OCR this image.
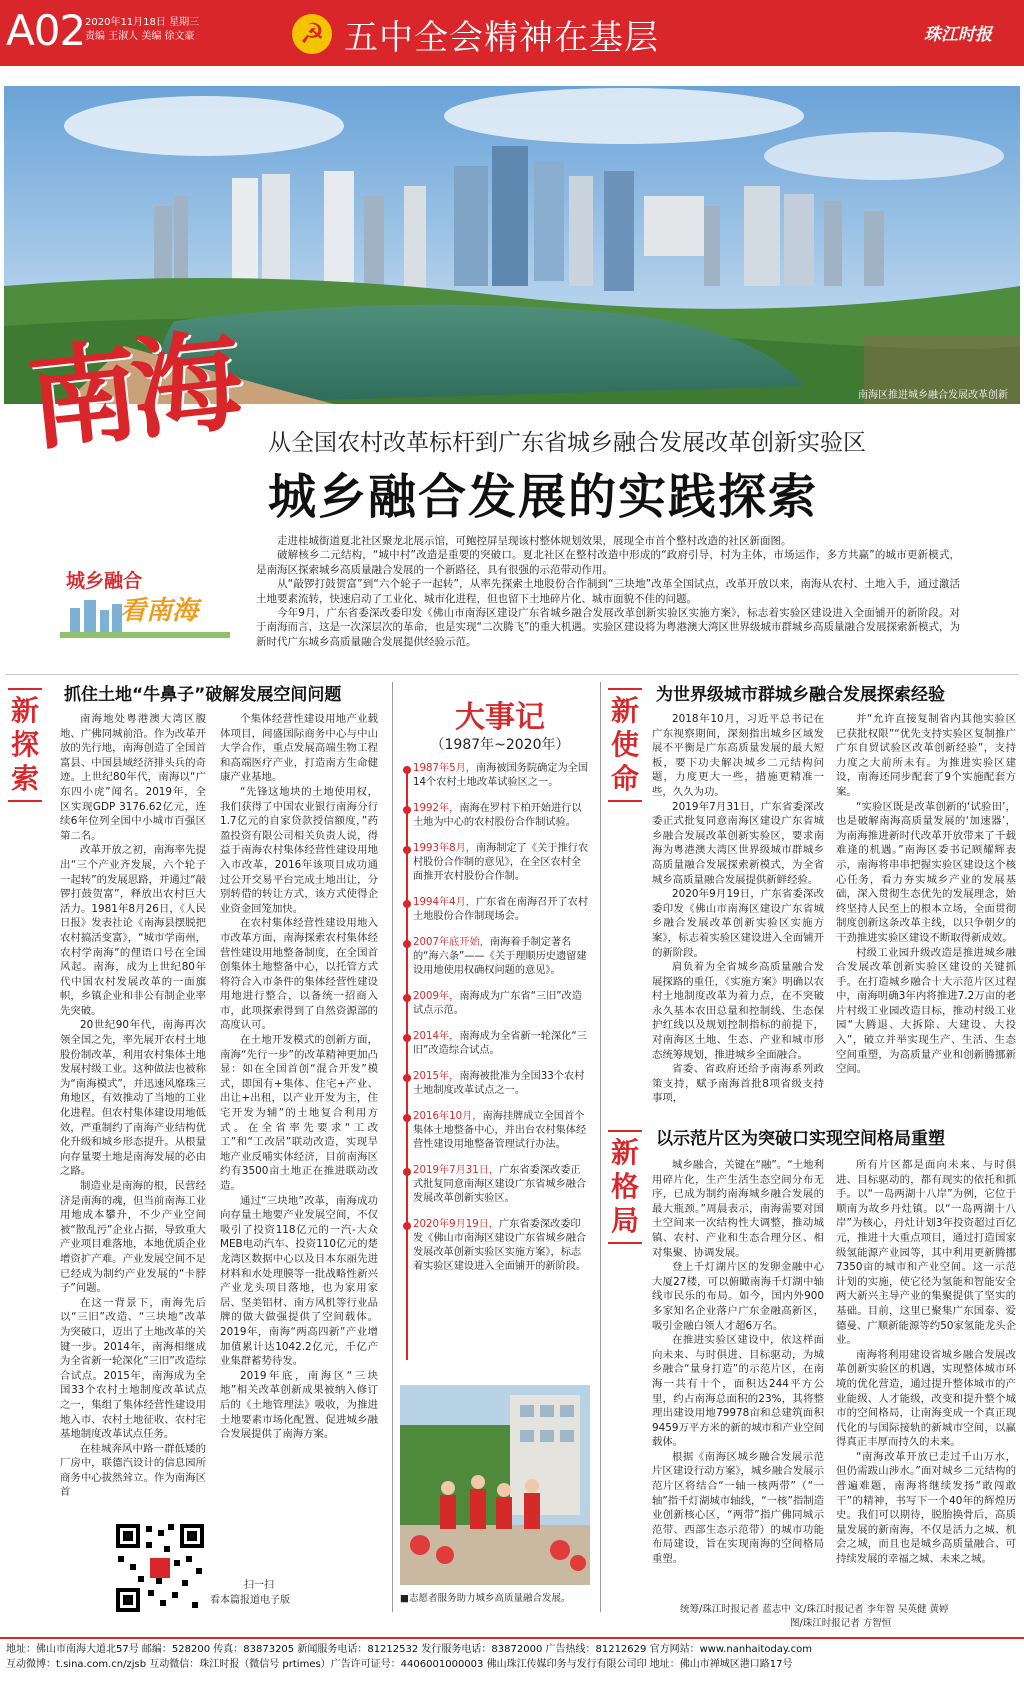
A02 2020年11月18日 星期三
责编 王淑人 美编 徐文豪	☭ 五中全会精神在基层	珠江时报
南海区推进城乡融合发展改革创新
南海	从全国农村改革标杆到广东省城乡融合发展改革创新实验区
城乡融合发展的实践探索
城乡融合
看南海

走进桂城街道夏北社区聚龙北展示馆，可鲍控屏呈现该村整体规划效果，展现全市首个整村改造的社区新面图。

破解核乡二元结构，“城中村”改造是重要的突破口。夏北社区在整村改造中形成的“政府引导，村为主体，市场运作，多方共赢”的城市更新模式，是南海区探索城乡高质量融合发展的一个新路径，具有很强的示范带动作用。

从“敲锣打鼓贺富”到“六个轮子一起转”，从率先探索土地股份合作制到“三块地”改革全国试点，改革开放以来，南海从农村、土地入手，通过激活土地要素流转，快速启动了工业化、城市化进程，但也留下土地碎片化、城市面貌不佳的问题。

今年9月，广东省委深改委印发《佛山市南海区建设广东省城乡融合发展改革创新实验区实施方案》，标志着实验区建设进入全面铺开的新阶段。对于南海而言，这是一次深层次的革命，也是实现“二次腾飞”的重大机遇。实验区建设将为粤港澳大湾区世界级城市群城乡高质量融合发展探索新模式，为新时代广东城乡高质量融合发展提供经验示范。

新探索
抓住土地“牛鼻子”破解发展空间问题

南海地处粤港澳大湾区腹地、广佛同城前沿。作为改革开放的先行地，南海创造了全国首富县、中国县域经济排头兵的奇迹。上世纪80年代，南海以“广东四小虎”闻名。2019年，全区实现GDP 3176.62亿元，连续6年位列全国中小城市百强区第二名。

改革开放之初，南海率先提出“三个产业齐发展，六个轮子一起转”的发展思路，并通过“敲锣打鼓贺富”，释放出农村巨大活力。1981年8月26日，《人民日报》发表社论《南海县摆脱把农村搞活变富》，“城市学南州，农村学南海”的俚语口号在全国风起。南海，成为上世纪80年代中国农村发展改革的一面旗帜，乡镇企业和非公有制企业率先突破。

20世纪90年代，南海再次领全国之先，率先展开农村土地股份制改革，利用农村集体土地发展村级工业。这种做法也被称为“南海模式”，并迅速风靡珠三角地区，有效推动了当地的工业化进程。但农村集体建设用地低效，严重制约了南海产业结构优化升级和城乡形态提升。从根量向存量要土地是南海发展的必由之路。

制造业是南海的根，民营经济是南海的魂，但当前南海工业用地成本攀升，不少产业空间被“散乱污”企业占据，导致重大产业项目难落地，本地优质企业增资扩产难。产业发展空间不足已经成为制约产业发展的“卡脖子”问题。

在这一背景下，南海先后以“三旧”改造、“三块地”改革为突破口，迈出了土地改革的关键一步。2014年，南海相继成为全省新一轮深化“三旧”改造综合试点。2015年，南海成为全国33个农村土地制度改革试点之一，集组了集体经营性建设用地入市、农村土地征收、农村宅基地制度改革试点任务。

在桂城奔风中路一群低矮的厂房中，联德汽设计的信息园所商务中心拔然耸立。作为南海区首

个集体经营性建设用地产业载体项目，间盛国际商务中心与中山大学合作，重点发展高端生物工程和高端医疗产业，打造南方生命健康产业基地。

“先锋这地块的土地使用权，我们获得了中国农业银行南海分行1.7亿元的自家贷款授信额度，”药盈投资有限公司相关负责人说，得益于南海农村集体经营性建设用地入市改革，2016年该项目成功通过公开交易平台完成土地出让，分别转借的转让方式，该方式使得企业资金回笼加快。

在农村集体经营性建设用地入市改革方面，南海探索农村集体经营性建设用地整备制度，在全国首创集体土地整备中心，以托管方式将符合入市条件的集体经营性建设用地进行整合，以备统一招商入市，此项探索得到了自然资源部的高度认可。

在土地开发模式的创新方面，南海“先行一步”的改革精神更加凸显：如在全国首创“混合开发”模式，即国有+集体、住宅+产业、出让+出租，以产业开发为主，住宅开发为辅”的土地复合利用方式。在全省率先要求“工改工”和“工改居”联动改造，实现旱地产业反哺实体经济，目前南海区约有3500亩土地正在推进联动改造。

通过“三块地”改革，南海成功向存量土地要产业发展空间，不仅吸引了投资118亿元的一汽-大众MEB电动汽车、投资110亿元的楚龙湾区数据中心以及日本东丽先进材料和水处理膜等一批战略性新兴产业龙头项目落地，也为家用家居、坚美铝材、南方风机等行业品牌的做大做强提供了空间载体。2019年，南海“两高四新”产业增加值累计达1042.2亿元，千亿产业集群蓄势待发。

2019年底，南海区“三块地”相关改革创新成果被纳入修订后的《土地管理法》吸收，为推进土地要素市场化配置、促进城乡融合发展提供了南海方案。

扫一扫
看本篇报道电子版
大事记
（1987年~2020年）
1987年5月，南海被国务院确定为全国14个农村土地改革试验区之一。
1992年，南海在罗村下柏开始进行以土地为中心的农村股份合作制试验。
1993年8月，南海制定了《关于推行农村股份合作制的意见》，在全区农村全面推开农村股份合作制。
1994年4月，广东省在南海召开了农村土地股份合作制现场会。
2007年底开始，南海着手制定著名的“海六条”——《关于理顺历史遗留建设用地使用权确权问题的意见》。
2009年，南海成为广东省“三旧”改造试点示范。
2014年，南海成为全省新一轮深化“三旧”改造综合试点。
2015年，南海被批准为全国33个农村土地制度改革试点之一。
2016年10月，南海挂牌成立全国首个集体土地整备中心，并出台农村集体经营性建设用地整备管理试行办法。
2019年7月31日，广东省委深改委正式批复同意南海区建设广东省城乡融合发展改革创新实验区。
2020年9月19日，广东省委深改委印发《佛山市南海区建设广东省城乡融合发展改革创新实验区实施方案》，标志着实验区建设进入全面铺开的新阶段。
■志愿者服务助力城乡高质量融合发展。
新使命
为世界级城市群城乡融合发展探索经验

2018年10月，习近平总书记在广东视察期间，深刻指出城乡区域发展不平衡是广东高质量发展的最大短板，要下功夫解决城乡二元结构问题，力度更大一些，措施更精准一些，久久为功。

2019年7月31日，广东省委深改委正式批复同意南海区建设广东省城乡融合发展改革创新实验区，要求南海为粤港澳大湾区世界级城市群城乡高质量融合发展探索新模式，为全省城乡高质量融合发展提供新鲜经验。

2020年9月19日，广东省委深改委印发《佛山市南海区建设广东省城乡融合发展改革创新实验区实施方案》，标志着实验区建设进入全面铺开的新阶段。

肩负着为全省城乡高质量融合发展探路的重任，《实施方案》明确以农村土地制度改革为着力点，在不突破永久基本农田总量和控制线、生态保护红线以及规划控制指标的前提下，对南海区土地、生态、产业和城市形态统筹规划，推进城乡全面融合。

省委、省政府还给予南海系列政策支持，赋予南海首批8项省级支持事项，

并“允许直接复制省内其他实验区已获批权限”“优先支持实验区复制推广广东自贸试验区改革创新经验”，支持力度之大前所未有。为推进实验区建设，南海还同步配套了9个实施配套方案。

“实验区既是改革创新的‘试验田’，也是破解南海高质量发展的‘加速器’，为南海推进新时代改革开放带来了千载难逢的机遇。”南海区委书记顾耀辉表示，南海将串串把握实验区建设这个核心任务，看力夯实城乡产业的发展基础，深入贯彻生态优先的发展理念，始终坚持人民至上的根本立场，全面贯彻制度创新这条改革主线，以只争朝夕的干劲推进实验区建设不断取得新成效。

村级工业园升级改造是推进城乡融合发展改革创新实验区建设的关键抓手。在打造城乡融合十大示范片区过程中，南海明确3年内将推进7.2万亩的老片村级工业园改造目标，推动村级工业园“大腾退、大拆除、大建设、大投入”，破立并举实现生产、生活、生态空间重塑，为高质量产业和创新腾挪新空间。

新格局
以示范片区为突破口实现空间格局重塑

城乡融合，关键在“融”。“土地利用碎片化，生产生活生态空间分布无序，已成为制约南海城乡融合发展的最大瓶颈。”周晨表示，南海需要对国土空间来一次结构性大调整，推动城镇、农村、产业和生态合理分区、相对集聚、协调发展。

登上千灯湖片区的发卵金融中心大厦27楼，可以俯瞰南海千灯湖中轴线市民乐的布局。如今，国内外900多家知名企业落户广东金融高新区，吸引金融白领人才超6万名。

在推进实验区建设中，依这样面向未来、与时俱进、目标驱动，为城乡融合“量身打造”的示范片区，在南海一共有十个，面积达244平方公里，约占南海总面积的23%，其将整理出建设用地79978亩和总建筑面积9459万平方米的新的城市和产业空间载体。

根据《南海区城乡融合发展示范片区建设行动方案》，城乡融合发展示范片区将结合“一轴一核两带”（“一轴”指千灯湖城市轴线，“一核”指制造业创新核心区，“两带”指广佛同城示范带、西部生态示范带）的城市功能布局建设，旨在实现南海的空间格局重塑。

所有片区都是面向未来、与时俱进、目标驱动的，都有现实的依托和抓手。以“一岛两湖十八岸”为例，它位于顺南为故乡丹灶镇。以“一岛两湖十八岸”为核心，丹灶计划3年投资超过百亿元，推进十大重点项目，通过打造国家级氢能源产业园等，其中利用更新腾挪7350亩的城市和产业空间。这一示范计划的实施，使它径为氢能和智能安全两大新兴主导产业的集聚提供了坚实的基础。目前，这里已聚集广东国泰、爱德曼、广顺新能源等约50家氢能龙头企业。

南海将利用建设省城乡融合发展改革创新实验区的机遇，实现整体城市环境的优化营造，通过提升整体城市的产业能级、人才能级，改变和提升整个城市的空间格局，让南海变成一个真正现代化的与国际接轨的新城市空间，以赢得真正丰厚而持久的未来。

“南海改革开放已走过千山万水，但仍需跋山涉水。”面对城乡二元结构的普遍难题，南海将继续发扬“敢闯敢干”的精神，书写下一个40年的辉煌历史。我们可以期待，脱胎换骨后，高质量发展的新南海，不仅是活力之城、机会之城，而且也是城乡高质量融合、可持续发展的幸福之城、未来之城。

统筹/珠江时报记者 蓝志中 文/珠江时报记者 李年智 吴英健 黄婷
图/珠江时报记者 方智恒
地址：佛山市南海大道北57号 邮编：528200 传真：83873205 新闻服务电话：81212532 发行服务电话：83872000 广告热线：81212629 官方网站：www.nanhaitoday.com
互动微博：t.sina.com.cn/zjsb 互动微信：珠江时报（微信号 prtimes）广告许可证号：4406001000003 佛山珠江传媒印务与发行有限公司印 地址：佛山市禅城区港口路17号
